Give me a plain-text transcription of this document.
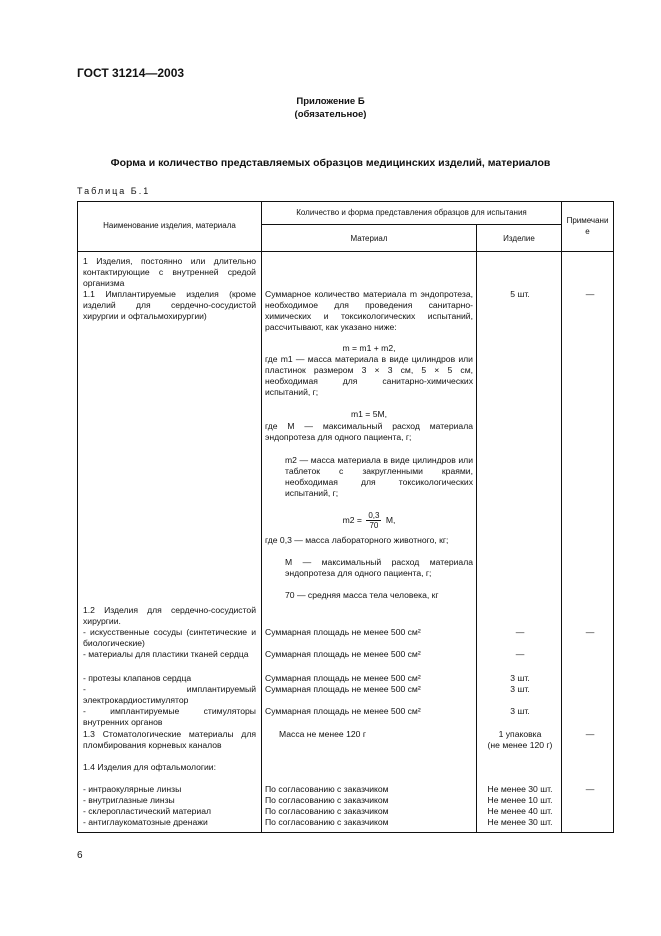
ГОСТ 31214—2003
Приложение Б
(обязательное)
Форма и количество представляемых образцов медицинских изделий, материалов
Таблица Б.1
Наименование изделия, материала
Количество и форма представления образцов для испытания
Материал	Изделие
Примечание
1 Изделия, постоянно или длительно контактирующие с внутренней средой организма
1.1 Имплантируемые изделия (кроме изделий для сердечно-сосудистой хирургии и офтальмохирургии)
1.2 Изделия для сердечно-сосудистой хирургии.
- искусственные сосуды (синтетические и биологические)
- материалы для пластики тканей сердца
- протезы клапанов сердца
- имплантируемый электрокардиостимулятор
- имплантируемые стимуляторы внутренних органов
1.3 Стоматологические материалы для пломбирования корневых каналов
1.4 Изделия для офтальмологии:
- интраокулярные линзы
- внутриглазные линзы
- склеропластический материал
- антиглаукоматозные дренажи
Суммарное количество материала m эндопротеза, необходимое для проведения санитарно-химических и токсикологических испытаний, рассчитывают, как указано ниже:
m = m1 + m2,
где m1 — масса материала в виде цилиндров или пластинок размером 3 × 3 см, 5 × 5 см, необходимая для санитарно-химических испытаний, г;
m1 = 5M,
где M — максимальный расход материала эндопротеза для одного пациента, г;
m2 — масса материала в виде цилиндров или таблеток с закругленными краями, необходимая для токсикологических испытаний, г;
$m2 = \frac{0,3}{70} M$,
где 0,3 — масса лабораторного животного, кг;
M — максимальный расход материала эндопротеза для одного пациента, г;
70 — средняя масса тела человека, кг
Суммарная площадь не менее 500 см²
Суммарная площадь не менее 500 см²
Суммарная площадь не менее 500 см²
Суммарная площадь не менее 500 см²
Суммарная площадь не менее 500 см²
Масса не менее 120 г
По согласованию с заказчиком
По согласованию с заказчиком
По согласованию с заказчиком
По согласованию с заказчиком
5 шт.
—
—
3 шт.
3 шт.
3 шт.
1 упаковка
(не менее 120 г)
Не менее 30 шт.
Не менее 10 шт.
Не менее 40 шт.
Не менее 30 шт.
—
—
—
—
6
